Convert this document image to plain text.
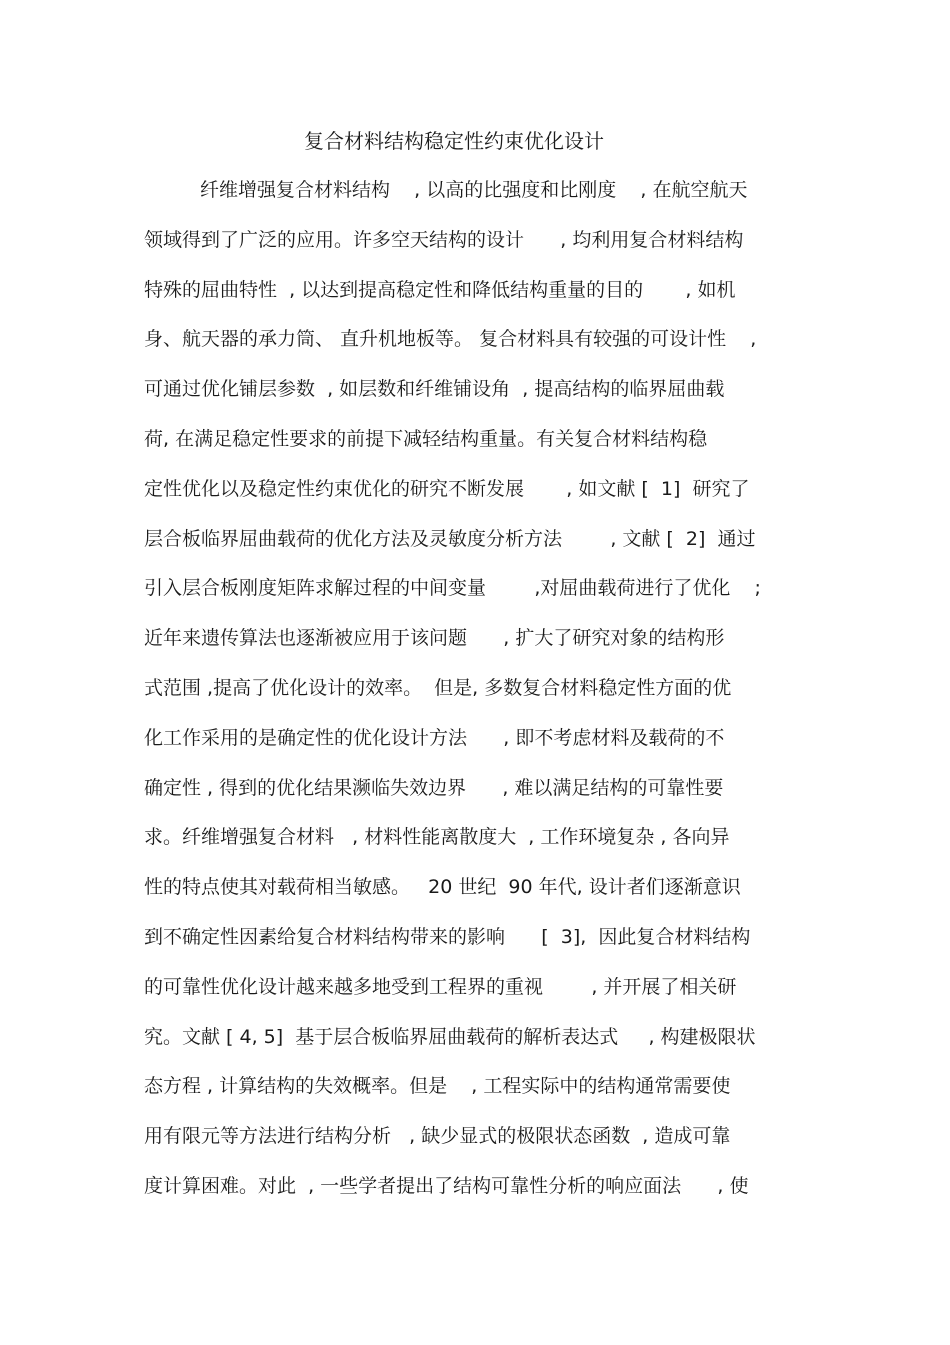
复合材料结构稳定性约束优化设计
纤维增强复合材料结构    , 以高的比强度和比刚度    , 在航空航天
领域得到了广泛的应用。许多空天结构的设计      , 均利用复合材料结构
特殊的屈曲特性  , 以达到提高稳定性和降低结构重量的目的       , 如机
身、航天器的承力筒、 直升机地板等。 复合材料具有较强的可设计性    ,
可通过优化铺层参数  , 如层数和纤维铺设角  , 提高结构的临界屈曲载
荷, 在满足稳定性要求的前提下减轻结构重量。有关复合材料结构稳
定性优化以及稳定性约束优化的研究不断发展       , 如文献 [  1]  研究了
层合板临界屈曲载荷的优化方法及灵敏度分析方法        , 文献 [  2]  通过
引入层合板刚度矩阵求解过程的中间变量        ,对屈曲载荷进行了优化    ;
近年来遗传算法也逐渐被应用于该问题      , 扩大了研究对象的结构形
式范围 ,提高了优化设计的效率。  但是, 多数复合材料稳定性方面的优
化工作采用的是确定性的优化设计方法      , 即不考虑材料及载荷的不
确定性 , 得到的优化结果濒临失效边界      , 难以满足结构的可靠性要
求。纤维增强复合材料   , 材料性能离散度大  , 工作环境复杂 , 各向异
性的特点使其对载荷相当敏感。   20 世纪  90 年代, 设计者们逐渐意识
到不确定性因素给复合材料结构带来的影响      [  3],  因此复合材料结构
的可靠性优化设计越来越多地受到工程界的重视        , 并开展了相关研
究。文献 [ 4, 5]  基于层合板临界屈曲载荷的解析表达式     , 构建极限状
态方程 , 计算结构的失效概率。但是    , 工程实际中的结构通常需要使
用有限元等方法进行结构分析   , 缺少显式的极限状态函数  , 造成可靠
度计算困难。对此  , 一些学者提出了结构可靠性分析的响应面法      , 使
